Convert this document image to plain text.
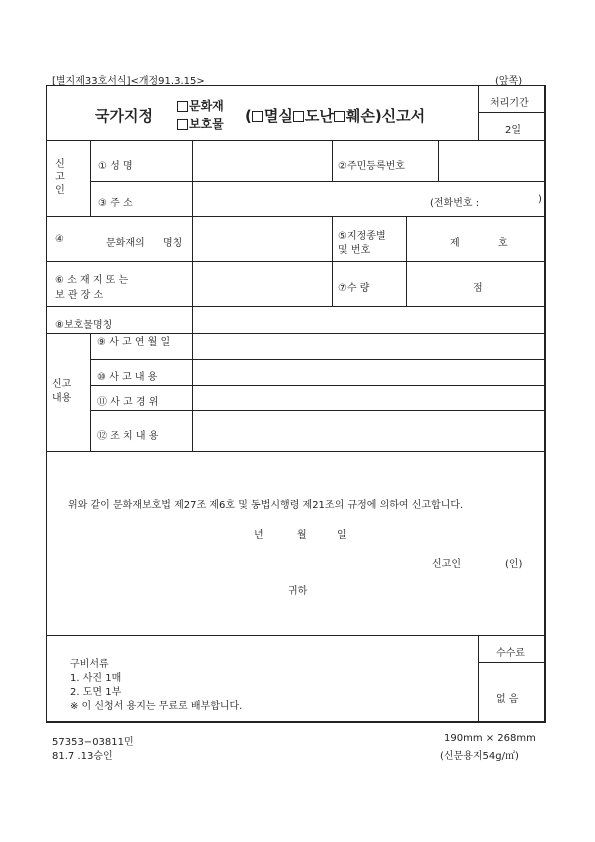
[별지제33호서식]<개정91.3.15>	(앞쪽)
국가지정
문화재
보호물 ( 멸실 도난 훼손)신고서
처리기간
2일
신
고
인
① 성 명	②주민등록번호
③ 주 소	(전화번호 :	)
④	문화재의 명칭
⑤지정종별
및 번호
제	호
⑥ 소 재 지 또 는
보 관 장 소
⑦수 량	점
⑧보호물명칭
신고
내용
⑨ 사 고 연 월 일
⑩ 사 고 내 용
⑪ 사 고 경 위
⑫ 조 치 내 용
위와 같이 문화재보호법 제27조 제6호 및 동법시행령 제21조의 규정에 의하여 신고합니다.
년	월	일
신고인	(인)
귀하
구비서류
1. 사진 1매
2. 도면 1부
※ 이 신청서 용지는 무료로 배부합니다.
수수료
없 음
57353−03811민
81.7 .13승인
190mm × 268mm
(신문용지54g/㎡)
